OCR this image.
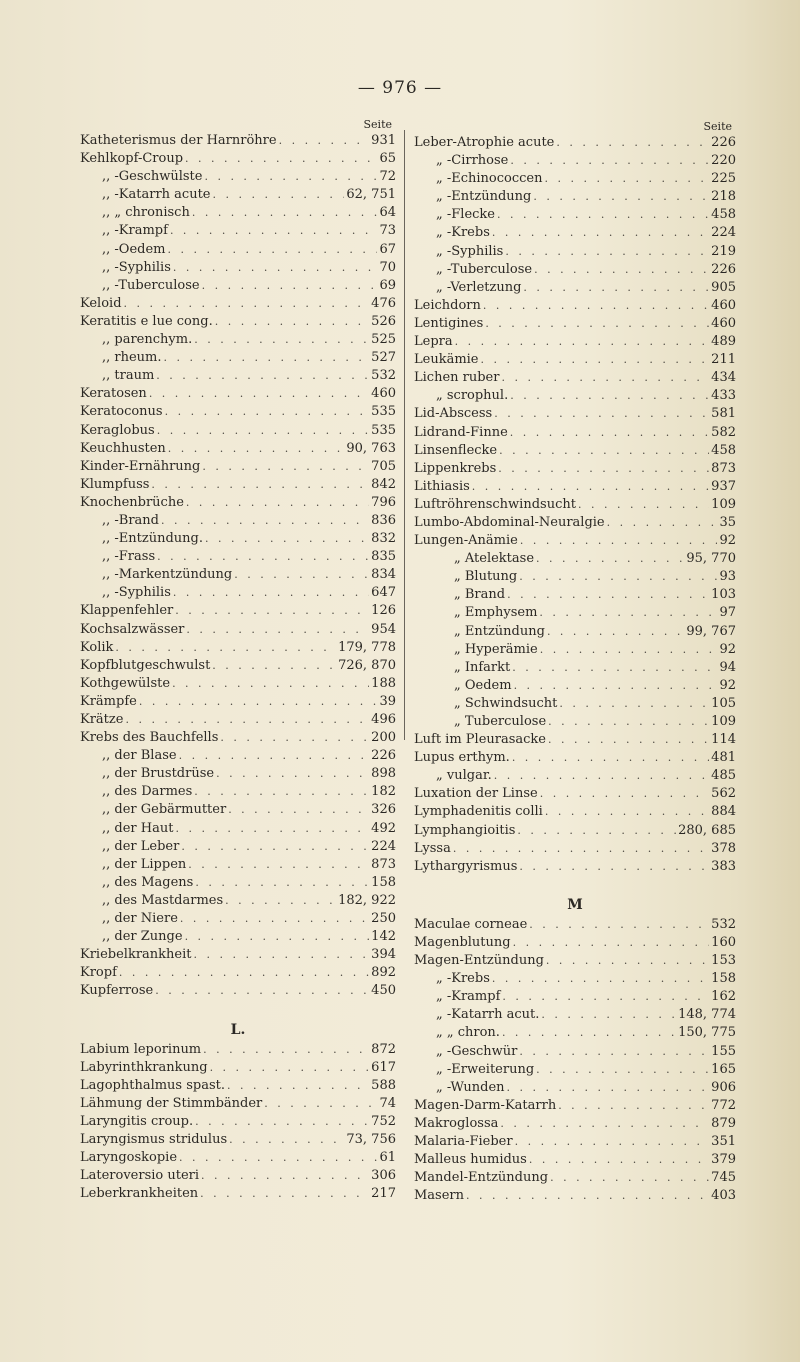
— 976 —
Seite
Katheterismus der Harnröhre . . .	931
Kehlkopf-Croup . . .	65
,, -Geschwülste . . .	72
,, -Katarrh acute . . .	62, 751
,, „ chronisch . . .	64
,, -Krampf . . .	73
,, -Oedem . . .	67
,, -Syphilis . . .	70
,, -Tuberculose . . .	69
Keloid . . .	476
Keratitis e lue cong. . . .	526
,, parenchym. . . .	525
,, rheum. . . .	527
,, traum . . .	532
Keratosen . . .	460
Keratoconus . . .	535
Keraglobus . . .	535
Keuchhusten . . .	90, 763
Kinder-Ernährung . . .	705
Klumpfuss . . .	842
Knochenbrüche . . .	796
,, -Brand . . .	836
,, -Entzündung. . . .	832
,, -Frass . . .	835
,, -Markentzündung . . .	834
,, -Syphilis . . .	647
Klappenfehler . . .	126
Kochsalzwässer . . .	954
Kolik . . .	179, 778
Kopfblutgeschwulst . . .	726, 870
Kothgewülste . . .	188
Krämpfe . . .	39
Krätze . . .	496
Krebs des Bauchfells . . .	200
,, der Blase . . .	226
,, der Brustdrüse . . .	898
,, des Darmes . . .	182
,, der Gebärmutter . . .	326
,, der Haut . . .	492
,, der Leber . . .	224
,, der Lippen . . .	873
,, des Magens . . .	158
,, des Mastdarmes . . .	182, 922
,, der Niere . . .	250
,, der Zunge . . .	142
Kriebelkrankheit . . .	394
Kropf . . .	892
Kupferrose . . .	450
L.
Labium leporinum . . .	872
Labyrinthkrankung . . .	617
Lagophthalmus spast. . . .	588
Lähmung der Stimmbänder . . .	74
Laryngitis croup. . . .	752
Laryngismus stridulus . . .	73, 756
Laryngoskopie . . .	61
Lateroversio uteri . . .	306
Leberkrankheiten . . .	217
Seite
Leber-Atrophie acute . . .	226
„ -Cirrhose . . .	220
„ -Echinococcen . . .	225
„ -Entzündung . . .	218
„ -Flecke . . .	458
„ -Krebs . . .	224
„ -Syphilis . . .	219
„ -Tuberculose . . .	226
„ -Verletzung . . .	905
Leichdorn . . .	460
Lentigines . . .	460
Lepra . . .	489
Leukämie . . .	211
Lichen ruber . . .	434
„ scrophul. . . .	433
Lid-Abscess . . .	581
Lidrand-Finne . . .	582
Linsenflecke . . .	458
Lippenkrebs . . .	873
Lithiasis . . .	937
Luftröhrenschwindsucht . . .	109
Lumbo-Abdominal-Neuralgie . . .	35
Lungen-Anämie . . .	92
„ Atelektase . . .	95, 770
„ Blutung . . .	93
„ Brand . . .	103
„ Emphysem . . .	97
„ Entzündung . . .	99, 767
„ Hyperämie . . .	92
„ Infarkt . . .	94
„ Oedem . . .	92
„ Schwindsucht . . .	105
„ Tuberculose . . .	109
Luft im Pleurasacke . . .	114
Lupus erthym. . . .	481
„ vulgar. . . .	485
Luxation der Linse . . .	562
Lymphadenitis colli . . .	884
Lymphangioitis . . .	280, 685
Lyssa . . .	378
Lythargyrismus . . .	383
M
Maculae corneae . . .	532
Magenblutung . . .	160
Magen-Entzündung . . .	153
„ -Krebs . . .	158
„ -Krampf . . .	162
„ -Katarrh acut. . . .	148, 774
„ „ chron. . . .	150, 775
„ -Geschwür . . .	155
„ -Erweiterung . . .	165
„ -Wunden . . .	906
Magen-Darm-Katarrh . . .	772
Makroglossa . . .	879
Malaria-Fieber . . .	351
Malleus humidus . . .	379
Mandel-Entzündung . . .	745
Masern . . .	403
